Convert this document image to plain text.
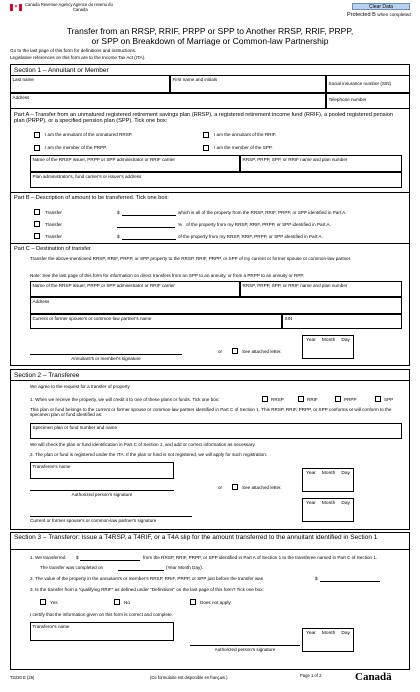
✦ Canada Revenue Agency Agence du revenu du Canada	Clear Data
Protected B when completed
Transfer from an RRSP, RRIF, PRPP or SPP to Another RRSP, RRIF, PRPP,
or SPP on Breakdown of Marriage or Common-law Partnership
Go to the last page of this form for definitions and instructions.
Legislative references on this form are to the Income Tax Act (ITA).
Section 1 – Annuitant or Member
Last name	First name and initials
Social insurance number (SIN)
Address	Telephone number
Part A – Transfer from an unmatured registered retirement savings plan (RRSP), a registered retirement income fund (RRIF), a pooled registered pension plan (PRPP), or a specified pension plan (SPP). Tick one box:
I am the annuitant of the unmatured RRSP.	I am the annuitant of the RRIF.
I am the member of the PRPP.	I am the member of the SPP.
Name of the RRSP issuer, PRPP or SPP administrator or RRIF carrier	RRSP, PRPP, SPP, or RRIF name and plan number
Plan administrator's, fund carrier's or issuer's address
Part B – Description of amount to be transferred. Tick one box:
Transfer	$	which is all of the property from the RRSP, RRIF, PRPP, or SPP identified in Part A.
Transfer	% of the property from my RRSP, RRIF, PRPP, or SPP identified in Part A.
Transfer	$	of the property from my RRSP, RRIF, PRPP, or SPP identified in Part A.
Part C – Destination of transfer
Transfer the above-mentioned RRSP, RRIF, PRPP, or SPP property to the RRSP, RRIF, PRPP, or SPP of my current or former spouse or common-law partner.
Note: See the last page of this form for information on direct transfers from an SPP to an annuity, or from a PRPP to an annuity or RPP.
Name of the RRSP issuer, PRPP or SPP administrator or RRIF carrier	RRSP, PRPP, SPP, or RRIF name and plan number
Address
Current or former spouse's or common-law partner's name	SIN
Annuitant's or member's signature
or	See attached letter.
Year Month Day
Section 2 – Transferee
We agree to the request for a transfer of property
1. When we receive the property, we will credit it to one of these plans or funds. Tick one box:	RRSP	RRIF	PRPP	SPP
This plan or fund belongs to the current or former spouse or common-law partner identified in Part C of Section 1. This RRSP, RRIF, PRPP, or SPP conforms or will conform to the specimen plan or fund identified as:
Specimen plan or fund number and name
We will check the plan or fund identification in Part C of Section 1, and add or correct information as necessary.
2. The plan or fund is registered under the ITA. If the plan or fund is not registered, we will apply for such registration:
Transferee's name
Authorized person's signature
or	See attached letter.
Year Month Day
Current or former spouse's or common-law partner's signature
Year Month Day
Section 3 – Transferor: Issue a T4RSP, a T4RIF, or a T4A slip for the amount transferred to the annuitant identified in Section 1
1. We transferred $	from the RRSP, RRIF, PRPP, or SPP identified in Part A of Section 1 to the transferee named in Part C of Section 1.
The transfer was completed on	(Year Month Day).
2. The value of the property in the annuitant's or member's RRSP, RRIF, PRPP, or SPP just before the transfer was	$
3. Is the transfer from a "qualifying RRIF" as defined under "Definitions" on the last page of this form? Tick one box:
Yes	No	Does not apply
I certify that the information given on this form is correct and complete.
Transferor's name
Authorized person's signature
Year Month Day
T2220 E (25)	(Ce formulaire est disponible en français.)	Page 1 of 2	Canadä
